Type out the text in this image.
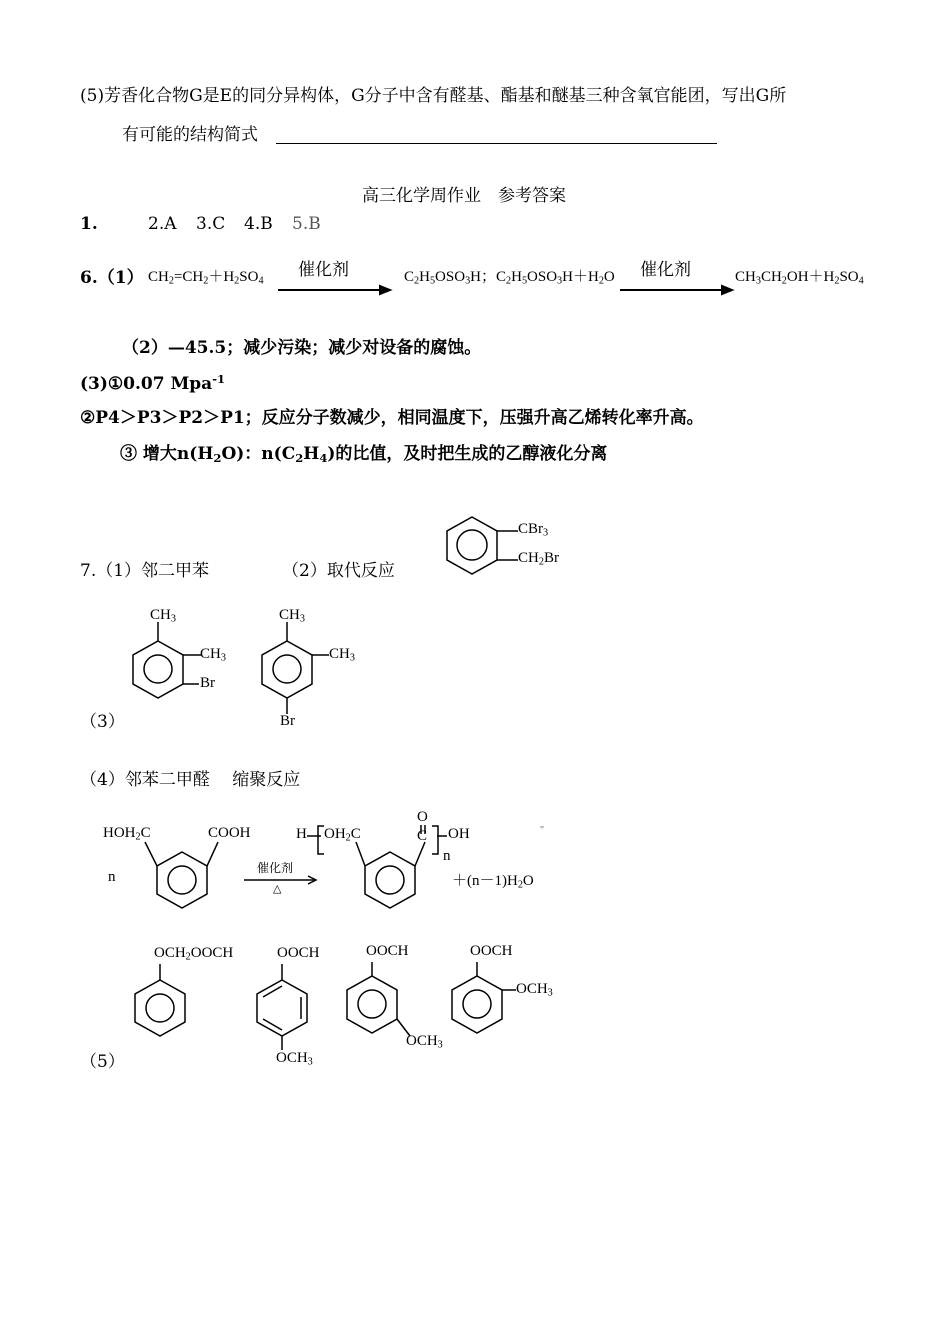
(5)芳香化合物G是E的同分异构体，G分子中含有醛基、酯基和醚基三种含氧官能团，写出G所
有可能的结构简式
高三化学周作业　参考答案
1.	2.A 3.C 4.B 5.B
6.（1） $CH_2=CH_2+H_2SO_4$
催化剂	$C_2H_5OSO_3H$；$C_2H_5OSO_3H+H_2O$ 催化剂	$CH_3CH_2OH+H_2SO_4$
（2）—45.5；减少污染；减少对设备的腐蚀。
(3)①0.07 Mpa$^{-1}$
②P4＞P3＞P2＞P1；反应分子数减少，相同温度下，压强升高乙烯转化率升高。
③ 增大$n(H_2O)$：$n(C_2H_4)$的比值，及时把生成的乙醇液化分离
7.（1）邻二甲苯	（2）取代反应
（3）
（4）邻苯二甲醛　 缩聚反应
（5）
CBr$_3$
$CH_2Br$
$CH_3$
$CH_3$
Br
$CH_3$
$CH_3$
Br
$HOH_2C$	COOH
n
催化剂
△
H $OH_2C$
O
C OH
n
"
$+(n-1)H_2O$
$OCH_2OOCH$	OOCH
$OCH_3$
OOCH
$OCH_3$
OOCH
$OCH_3$
